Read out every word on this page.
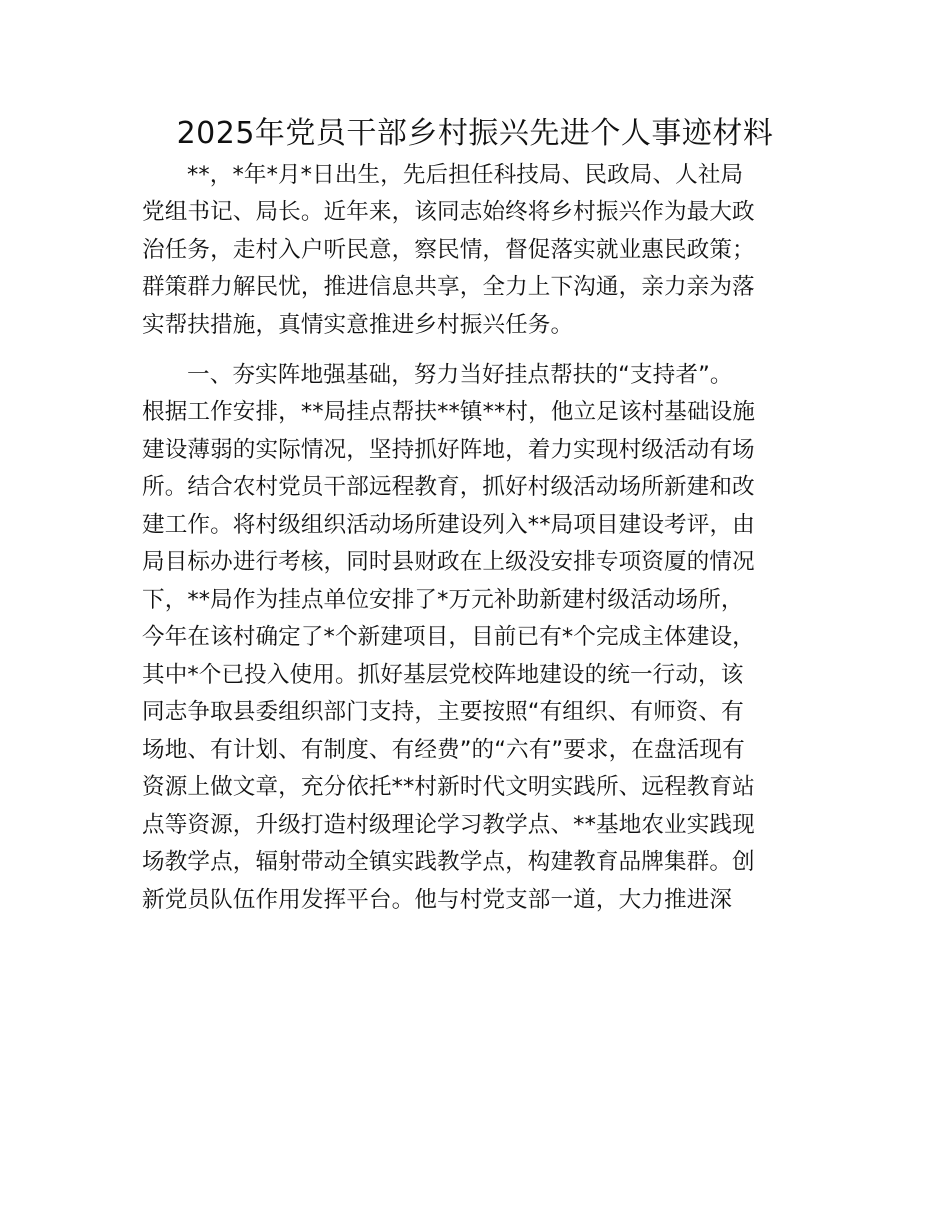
2025年党员干部乡村振兴先进个人事迹材料
**，*年*月*日出生，先后担任科技局、民政局、人社局
党组书记、局长。近年来，该同志始终将乡村振兴作为最大政
治任务，走村入户听民意，察民情，督促落实就业惠民政策；
群策群力解民忧，推进信息共享，全力上下沟通，亲力亲为落
实帮扶措施，真情实意推进乡村振兴任务。
一、夯实阵地强基础，努力当好挂点帮扶的“支持者”。
根据工作安排，**局挂点帮扶**镇**村，他立足该村基础设施
建设薄弱的实际情况，坚持抓好阵地，着力实现村级活动有场
所。结合农村党员干部远程教育，抓好村级活动场所新建和改
建工作。将村级组织活动场所建设列入**局项目建设考评，由
局目标办进行考核，同时县财政在上级没安排专项资厦的情况
下，**局作为挂点单位安排了*万元补助新建村级活动场所，
今年在该村确定了*个新建项目，目前已有*个完成主体建设，
其中*个已投入使用。抓好基层党校阵地建设的统一行动，该
同志争取县委组织部门支持，主要按照“有组织、有师资、有
场地、有计划、有制度、有经费”的“六有”要求，在盘活现有
资源上做文章，充分依托**村新时代文明实践所、远程教育站
点等资源，升级打造村级理论学习教学点、**基地农业实践现
场教学点，辐射带动全镇实践教学点，构建教育品牌集群。创
新党员队伍作用发挥平台。他与村党支部一道，大力推进深
